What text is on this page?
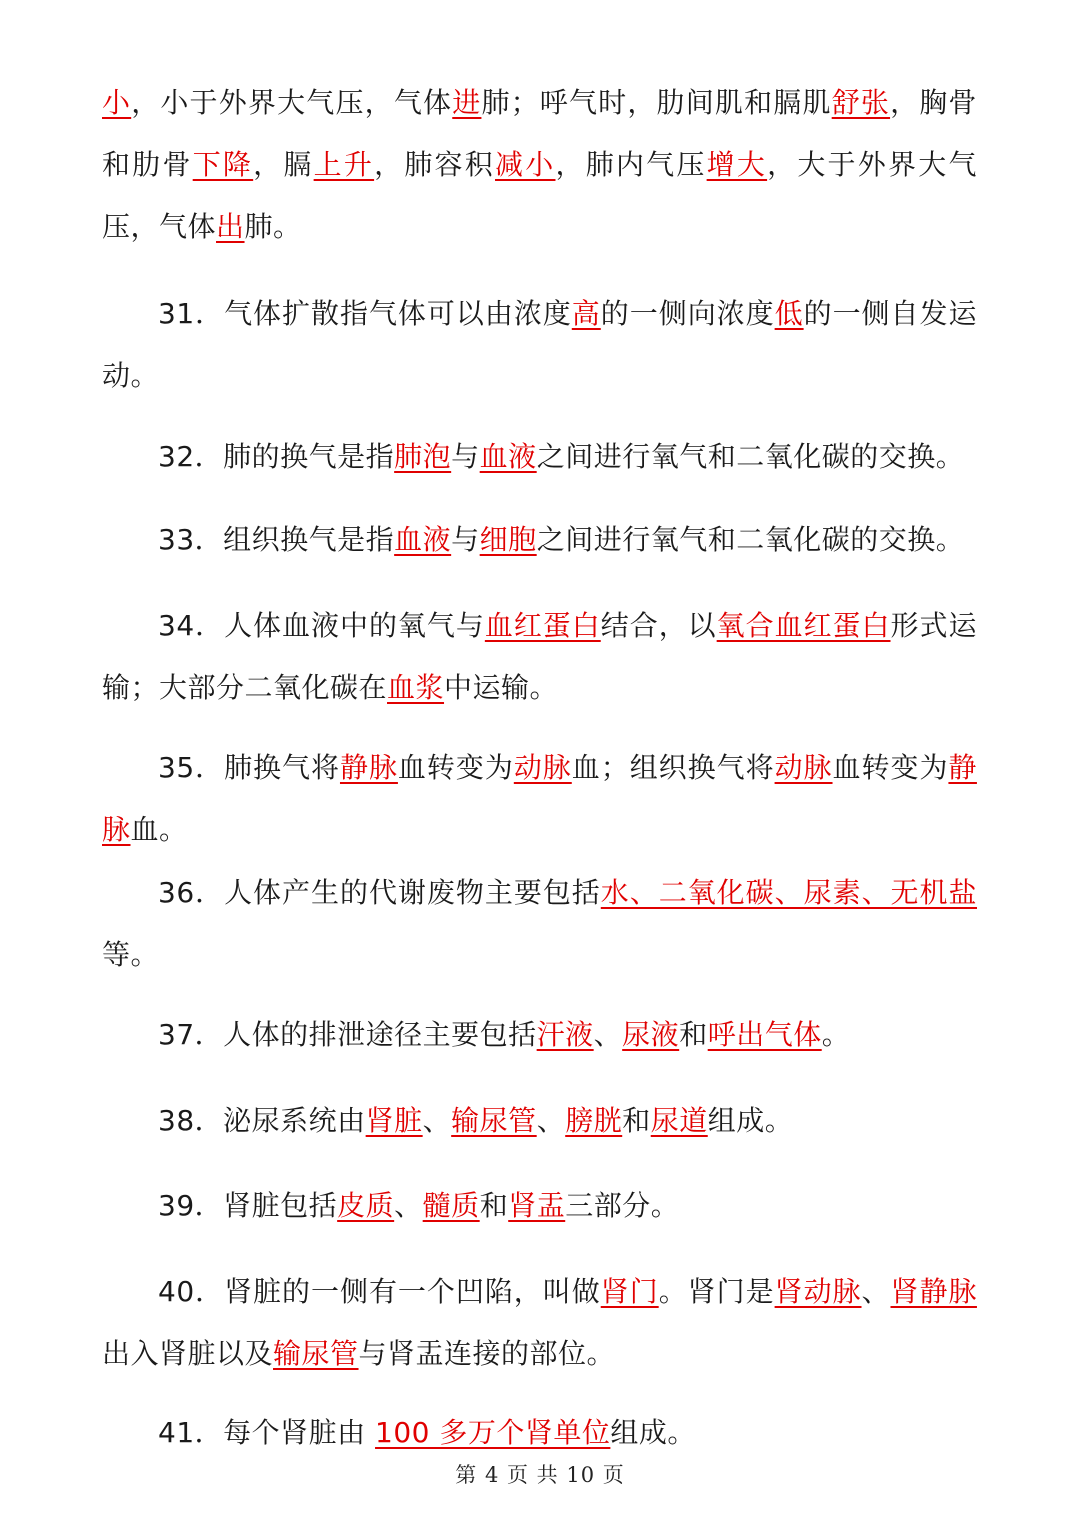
小，小于外界大气压，气体进肺；呼气时，肋间肌和膈肌舒张，胸骨和肋骨下降，膈上升，肺容积减小，肺内气压增大，大于外界大气压，气体出肺。
31．气体扩散指气体可以由浓度高的一侧向浓度低的一侧自发运动。
32．肺的换气是指肺泡与血液之间进行氧气和二氧化碳的交换。
33．组织换气是指血液与细胞之间进行氧气和二氧化碳的交换。
34．人体血液中的氧气与血红蛋白结合，以氧合血红蛋白形式运输；大部分二氧化碳在血浆中运输。
35．肺换气将静脉血转变为动脉血；组织换气将动脉血转变为静脉血。
36．人体产生的代谢废物主要包括水、二氧化碳、尿素、无机盐等。
37．人体的排泄途径主要包括汗液、尿液和呼出气体。
38．泌尿系统由肾脏、输尿管、膀胱和尿道组成。
39．肾脏包括皮质、髓质和肾盂三部分。
40．肾脏的一侧有一个凹陷，叫做肾门。肾门是肾动脉、肾静脉出入肾脏以及输尿管与肾盂连接的部位。
41．每个肾脏由 100 多万个肾单位组成。
第 4 页 共 10 页
